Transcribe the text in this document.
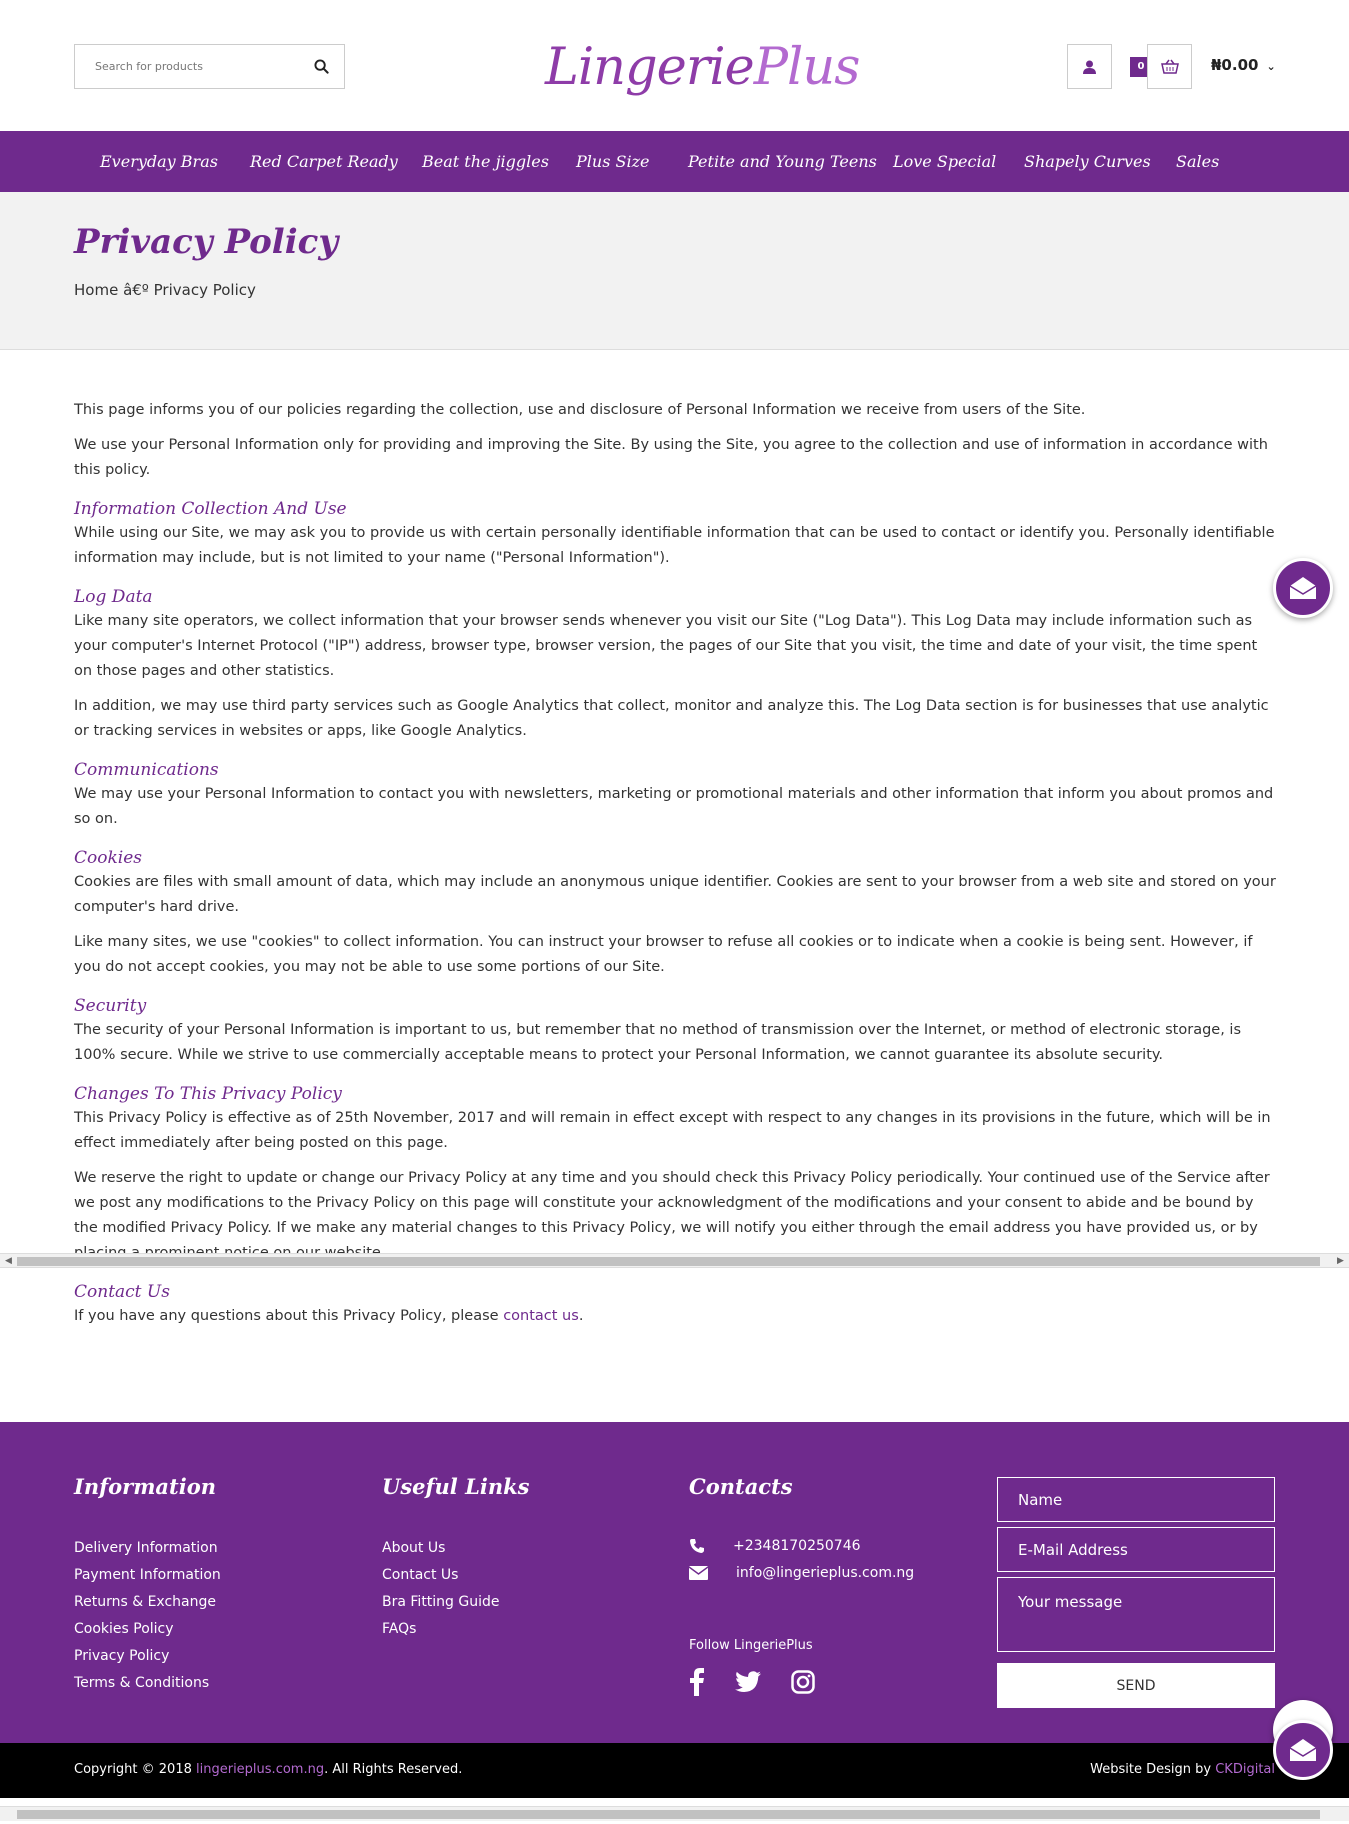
Search for products
LingeriePlus	0	₦0.00 ⌄
Everyday Bras Red Carpet Ready Beat the jiggles Plus Size Petite and Young Teens Love Special Shapely Curves Sales
Privacy Policy
Home â€º Privacy Policy

This page informs you of our policies regarding the collection, use and disclosure of Personal Information we receive from users of the Site.

We use your Personal Information only for providing and improving the Site. By using the Site, you agree to the collection and use of information in accordance with this policy.

Information Collection And Use

While using our Site, we may ask you to provide us with certain personally identifiable information that can be used to contact or identify you. Personally identifiable information may include, but is not limited to your name ("Personal Information").

Log Data

Like many site operators, we collect information that your browser sends whenever you visit our Site ("Log Data"). This Log Data may include information such as your computer's Internet Protocol ("IP") address, browser type, browser version, the pages of our Site that you visit, the time and date of your visit, the time spent on those pages and other statistics.

In addition, we may use third party services such as Google Analytics that collect, monitor and analyze this. The Log Data section is for businesses that use analytic or tracking services in websites or apps, like Google Analytics.

Communications

We may use your Personal Information to contact you with newsletters, marketing or promotional materials and other information that inform you about promos and so on.

Cookies

Cookies are files with small amount of data, which may include an anonymous unique identifier. Cookies are sent to your browser from a web site and stored on your computer's hard drive.

Like many sites, we use "cookies" to collect information. You can instruct your browser to refuse all cookies or to indicate when a cookie is being sent. However, if you do not accept cookies, you may not be able to use some portions of our Site.

Security

The security of your Personal Information is important to us, but remember that no method of transmission over the Internet, or method of electronic storage, is 100% secure. While we strive to use commercially acceptable means to protect your Personal Information, we cannot guarantee its absolute security.

Changes To This Privacy Policy

This Privacy Policy is effective as of 25th November, 2017 and will remain in effect except with respect to any changes in its provisions in the future, which will be in effect immediately after being posted on this page.

We reserve the right to update or change our Privacy Policy at any time and you should check this Privacy Policy periodically. Your continued use of the Service after we post any modifications to the Privacy Policy on this page will constitute your acknowledgment of the modifications and your consent to abide and be bound by the modified Privacy Policy. If we make any material changes to this Privacy Policy, we will notify you either through the email address you have provided us, or by

Contact Us

If you have any questions about this Privacy Policy, please contact us.

◀	▶
Information
Delivery Information
Payment Information
Returns & Exchange
Cookies Policy
Privacy Policy
Terms & Conditions
Useful Links
About Us
Contact Us
Bra Fitting Guide
FAQs
Contacts
+2348170250746
info@lingerieplus.com.ng
Follow LingeriePlus
Name
E-Mail Address
Your message
SEND
Copyright © 2018 lingerieplus.com.ng. All Rights Reserved.	Website Design by CKDigital
